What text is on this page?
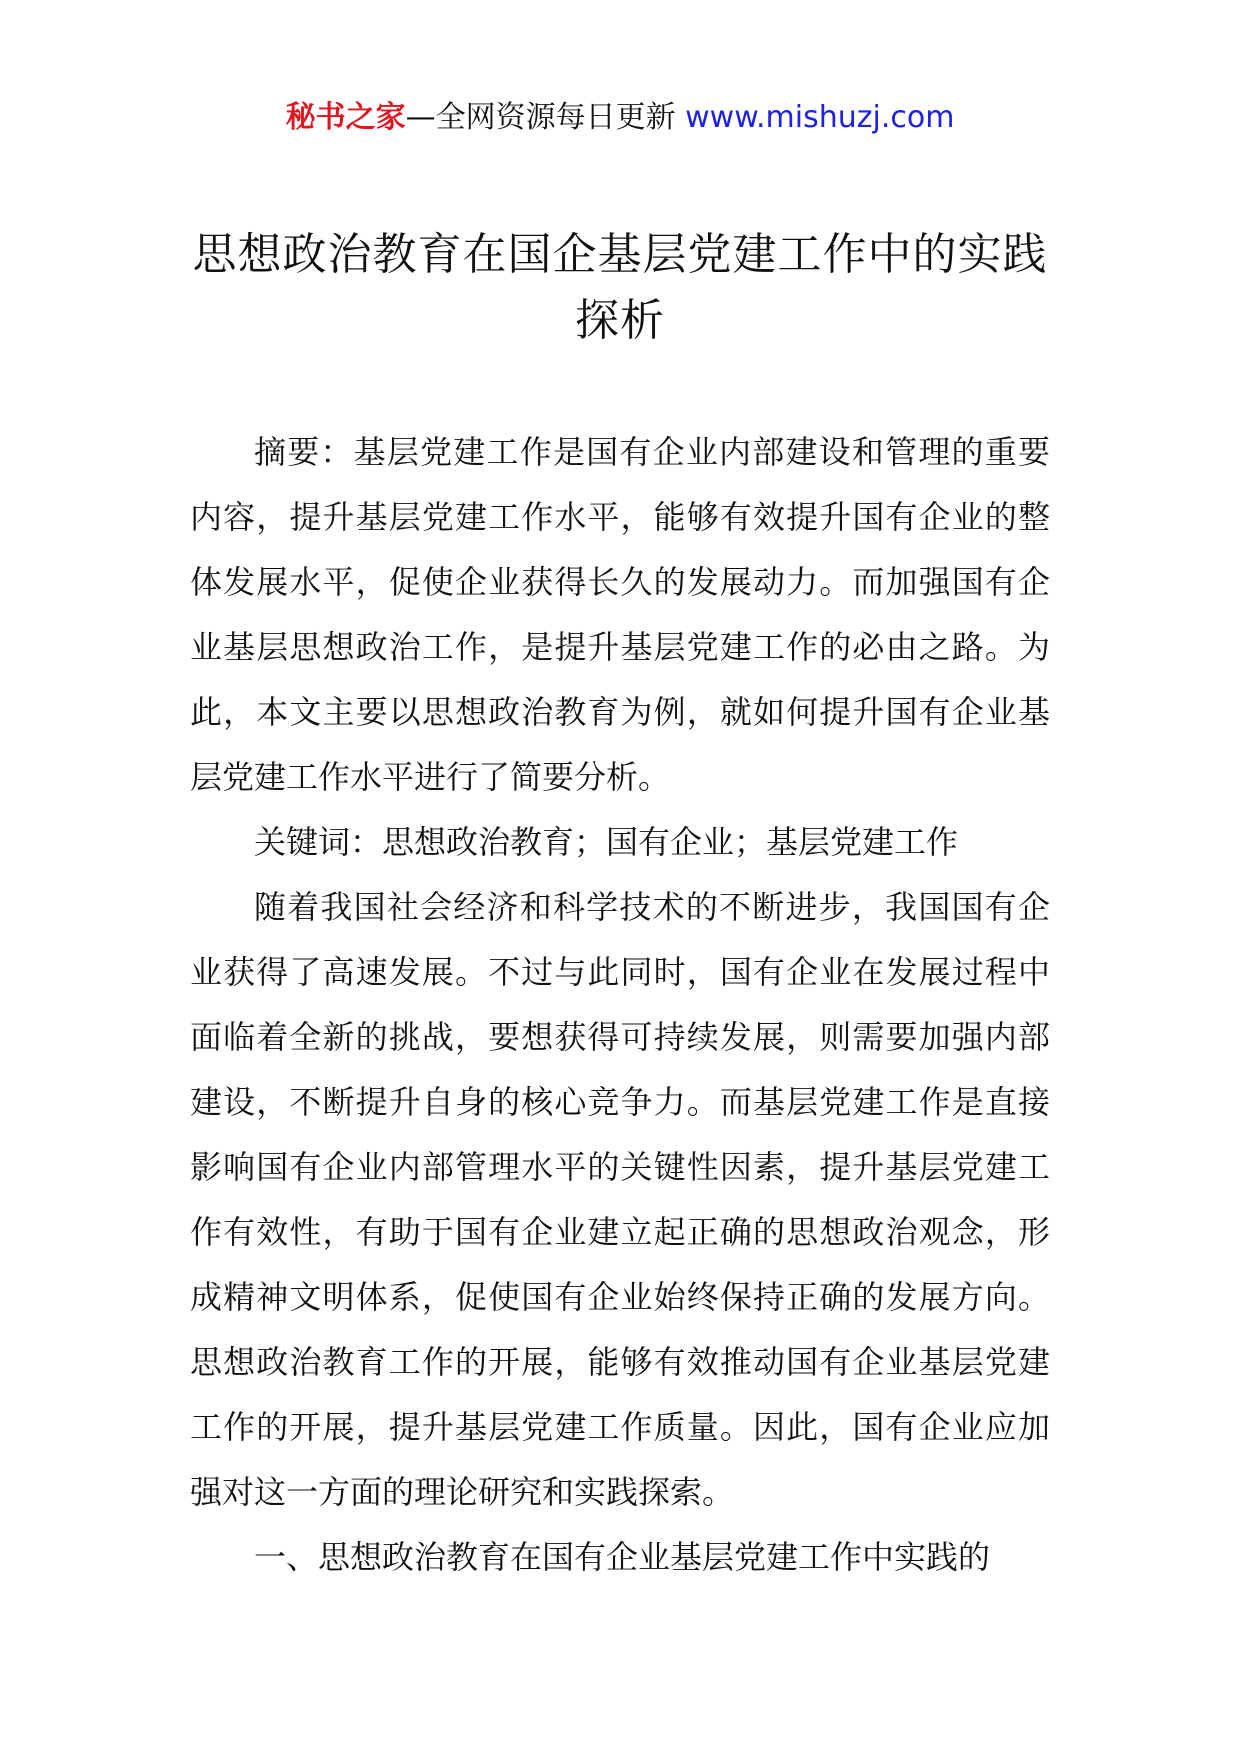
秘书之家—全网资源每日更新 www.mishuzj.com
思想政治教育在国企基层党建工作中的实践探析

摘要：基层党建工作是国有企业内部建设和管理的重要内容，提升基层党建工作水平，能够有效提升国有企业的整体发展水平，促使企业获得长久的发展动力。而加强国有企业基层思想政治工作，是提升基层党建工作的必由之路。为此，本文主要以思想政治教育为例，就如何提升国有企业基层党建工作水平进行了简要分析。

关键词：思想政治教育；国有企业；基层党建工作

随着我国社会经济和科学技术的不断进步，我国国有企业获得了高速发展。不过与此同时，国有企业在发展过程中面临着全新的挑战，要想获得可持续发展，则需要加强内部建设，不断提升自身的核心竞争力。而基层党建工作是直接影响国有企业内部管理水平的关键性因素，提升基层党建工作有效性，有助于国有企业建立起正确的思想政治观念，形成精神文明体系，促使国有企业始终保持正确的发展方向。思想政治教育工作的开展，能够有效推动国有企业基层党建工作的开展，提升基层党建工作质量。因此，国有企业应加强对这一方面的理论研究和实践探索。

一、思想政治教育在国有企业基层党建工作中实践的
